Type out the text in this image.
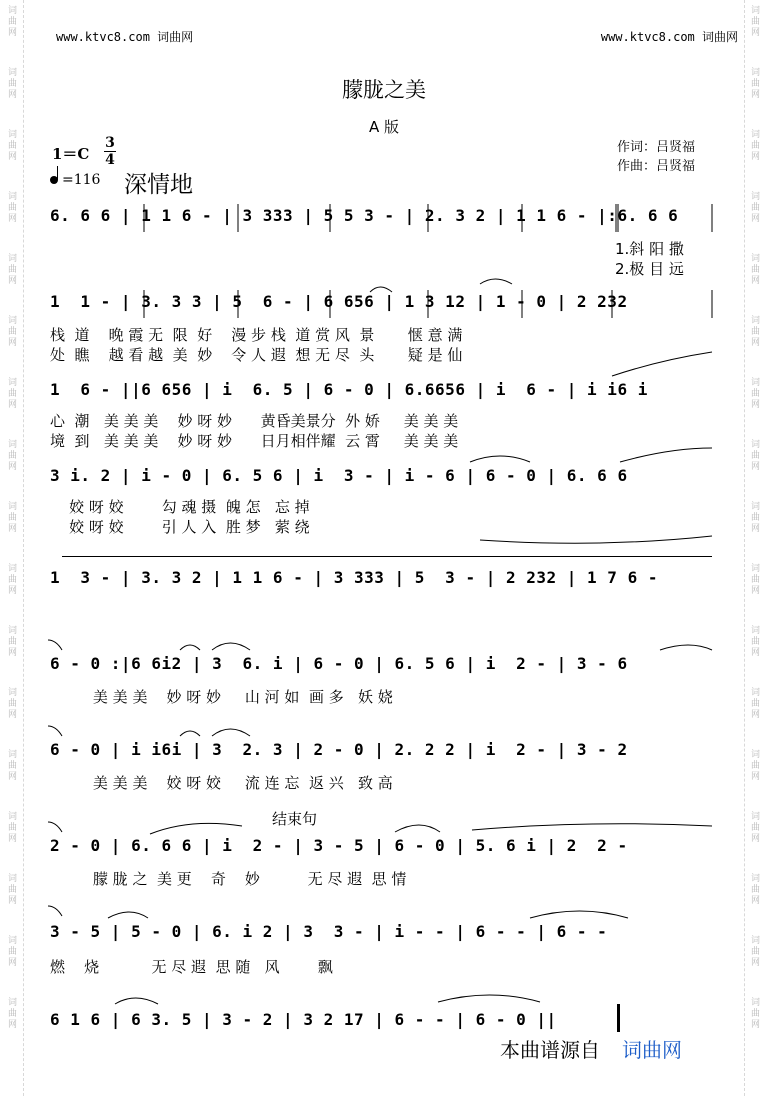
词
曲
网
词
曲
网
词
曲
网
词
曲
网
词
曲
网
词
曲
网
词
曲
网
词
曲
网
词
曲
网
词
曲
网
词
曲
网
词
曲
网
词
曲
网
词
曲
网
词
曲
网
词
曲
网
词
曲
网
词
曲
网
词
曲
网
词
曲
网
词
曲
网
词
曲
网
词
曲
网
词
曲
网
词
曲
网
词
曲
网
词
曲
网
词
曲
网
词
曲
网
词
曲
网
词
曲
网
词
曲
网
词
曲
网
词
曲
网
www.ktvc8.com 词曲网	www.ktvc8.com 词曲网
朦胧之美
A 版
1＝C
3
4
=116 深情地
作词：吕贤福
作曲：吕贤福
6. 6 6 | 1 1 6 - | 3 333 | 5 5 3 - | 2. 3 2 | 1 1 6 - |:6. 6 6
1.斜 阳 撒
2.极 目 远
1  1 - | 3. 3 3 | 5  6 - | 6 656 | 1 3 12 | 1 - 0 | 2 232
栈  道    晚 霞 无  限  好    漫 步 栈  道 赏 风  景       惬 意 满
处  瞧    越 看 越  美  妙    令 人 遐  想 无 尽  头       疑 是 仙
1  6 - ||6 656 | i  6. 5 | 6 - 0 | 6.6656 | i  6 - | i i6 i
心  潮   美 美 美    妙 呀 妙      黄昏美景分  外 娇     美 美 美
境  到   美 美 美    妙 呀 妙      日月相伴耀  云 霄     美 美 美
3 i. 2 | i - 0 | 6. 5 6 | i  3 - | i - 6 | 6 - 0 | 6. 6 6
姣 呀 姣        勾 魂 摄  魄 怎   忘 掉
姣 呀 姣        引 人 入  胜 梦   萦 绕
1  3 - | 3. 3 2 | 1 1 6 - | 3 333 | 5  3 - | 2 232 | 1 7 6 -
6 - 0 :|6 6i2 | 3  6. i | 6 - 0 | 6. 5 6 | i  2 - | 3 - 6
美 美 美    妙 呀 妙     山 河 如  画 多   妖 娆
6 - 0 | i i6i | 3  2. 3 | 2 - 0 | 2. 2 2 | i  2 - | 3 - 2
美 美 美    姣 呀 姣     流 连 忘  返 兴   致 高
结束句
2 - 0 | 6. 6 6 | i  2 - | 3 - 5 | 6 - 0 | 5. 6 i | 2  2 -
朦 胧 之  美 更    奇    妙          无 尽 遐  思 情
3 - 5 | 5 - 0 | 6. i 2 | 3  3 - | i - - | 6 - - | 6 - -
燃    烧           无 尽 遐  思 随   风        飘
6 1 6 | 6 3. 5 | 3 - 2 | 3 2 17 | 6 - - | 6 - 0 ||
本曲谱源自 词曲网
